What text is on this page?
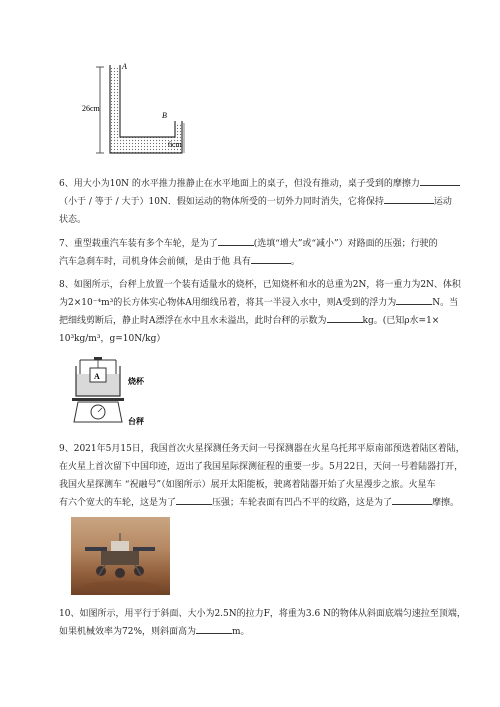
A
B
26cm
6cm
6、用大小为10N 的水平推力推静止在水平地面上的桌子，但没有推动，桌子受到的摩擦力
（小于 / 等于 / 大于）10N．假如运动的物体所受的一切外力同时消失，它将保持	运动
状态。
7、重型载重汽车装有多个车轮，是为了	(选填“增大”或“减小”）对路面的压强；行驶的
汽车急刹车时，司机身体会前倾，是由于他 具有	。
8、如图所示，台秤上放置一个装有适量水的烧杯，已知烧杯和水的总重为2N，将一重力为2N、体积
为2×10⁻⁴m³的长方体实心物体A用细线吊着，将其一半浸入水中，则A受到的浮力为	N。当
把细线剪断后，静止时A漂浮在水中且水未溢出，此时台秤的示数为	kg。(已知ρ水=1×
10³kg/m³，g=10N/kg）
A
烧杯
台秤
9、2021年5月15日，我国首次火星探测任务天问一号探测器在火星乌托邦平原南部预选着陆区着陆，
在火星上首次留下中国印迹，迈出了我国星际探测征程的重要一步。5月22日，天问一号着陆器打开，
我国火星探测车 “祝融号”（如图所示）展开太阳能板，驶离着陆器开始了火星漫步之旅。火星车
有六个宽大的车轮，这是为了	压强；车轮表面有凹凸不平的纹路，这是为了	摩擦。
10、如图所示，用平行于斜面、大小为2.5N的拉力F，将重为3.6 N的物体从斜面底端匀速拉至顶端，
如果机械效率为72%，则斜面高为	m。
